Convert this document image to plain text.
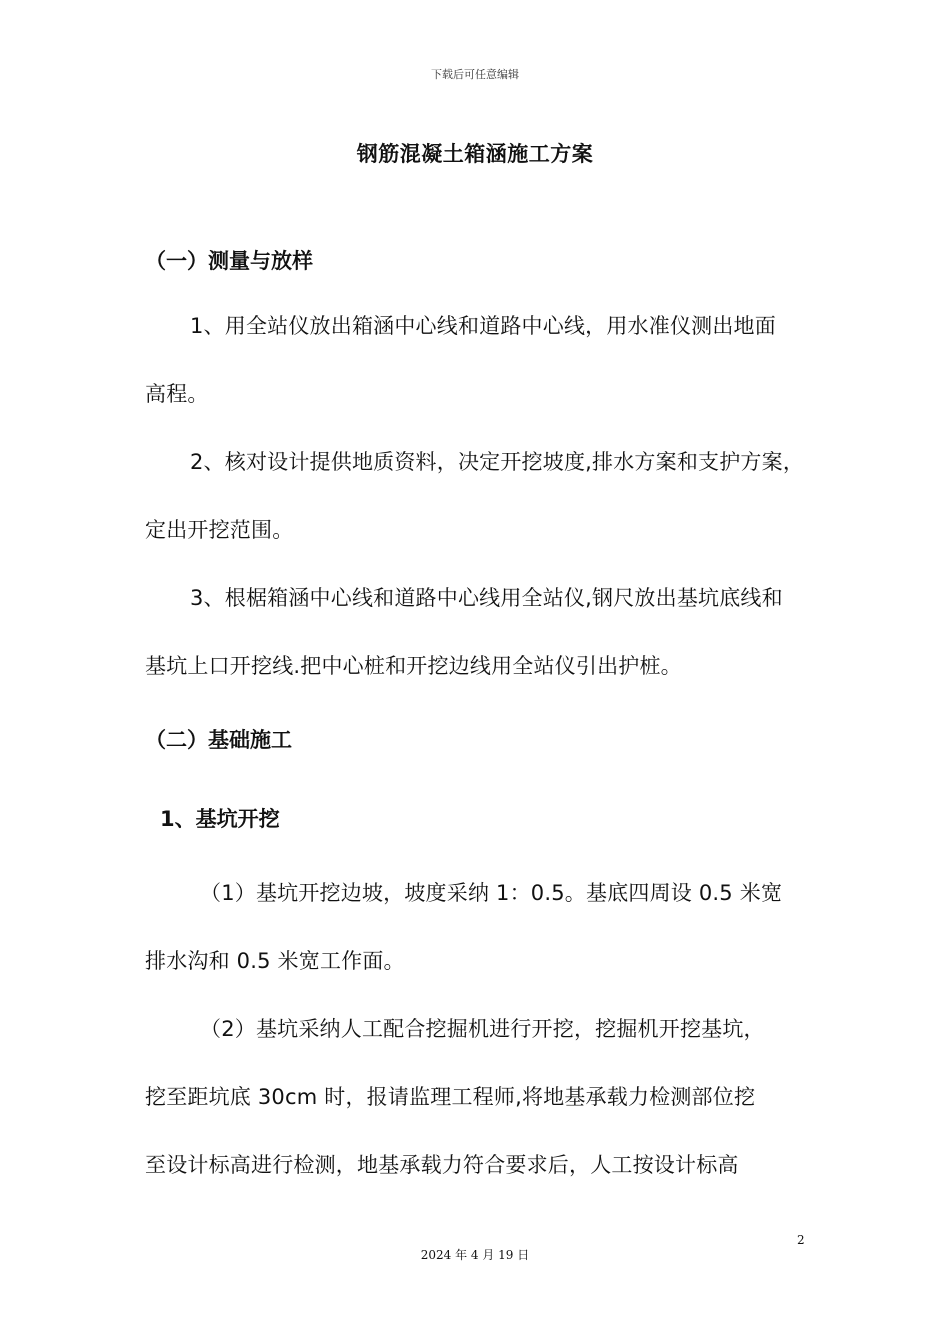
下载后可任意编辑
钢筋混凝土箱涵施工方案
（一）测量与放样
1、用全站仪放出箱涵中心线和道路中心线，用水准仪测出地面
高程。
2、核对设计提供地质资料，决定开挖坡度,排水方案和支护方案，
定出开挖范围。
3、根椐箱涵中心线和道路中心线用全站仪,钢尺放出基坑底线和
基坑上口开挖线.把中心桩和开挖边线用全站仪引出护桩。
（二）基础施工
1、基坑开挖
（1）基坑开挖边坡，坡度采纳 1：0.5。基底四周设 0.5 米宽
排水沟和 0.5 米宽工作面。
（2）基坑采纳人工配合挖掘机进行开挖，挖掘机开挖基坑，
挖至距坑底 30cm 时，报请监理工程师,将地基承载力检测部位挖
至设计标高进行检测，地基承载力符合要求后，人工按设计标高
2
2024 年 4 月 19 日
